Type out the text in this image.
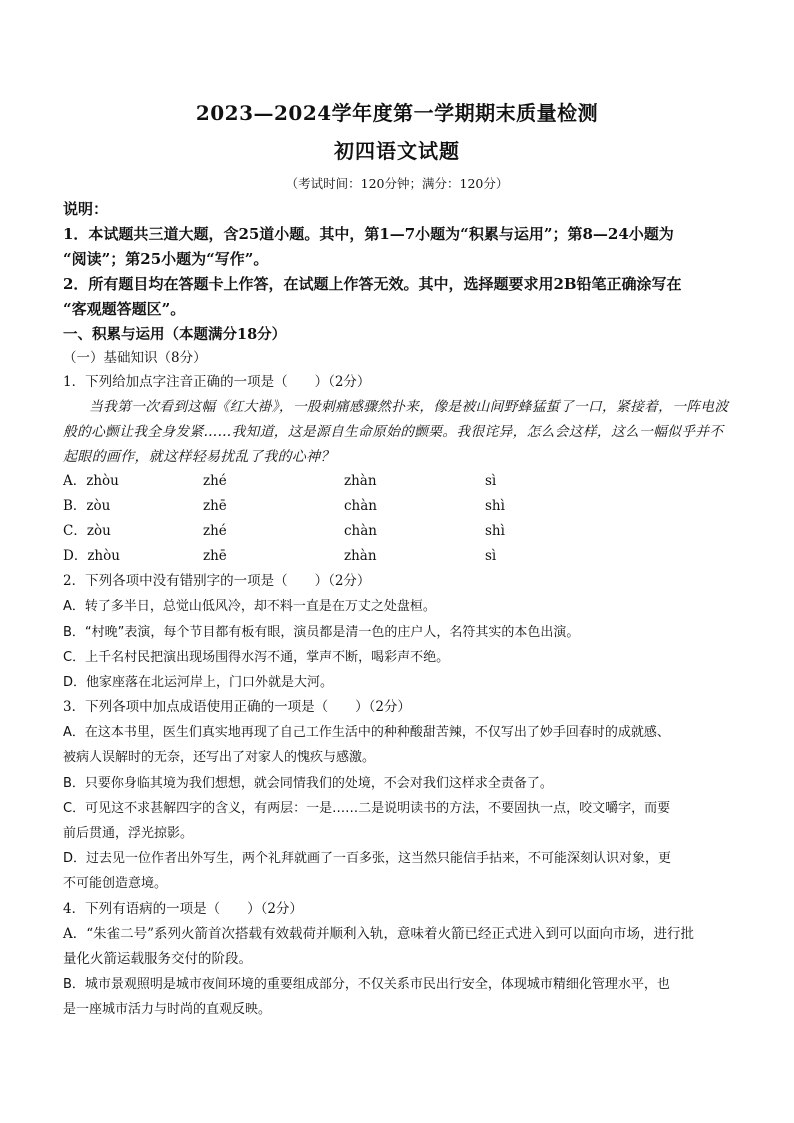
2023—2024学年度第一学期期末质量检测
初四语文试题
（考试时间：120分钟；满分：120分）
说明：
1．本试题共三道大题，含25道小题。其中，第1—7小题为“积累与运用”；第8—24小题为
“阅读”；第25小题为“写作”。
2．所有题目均在答题卡上作答，在试题上作答无效。其中，选择题要求用2B铅笔正确涂写在
“客观题答题区”。
一、积累与运用（本题满分18分）
（一）基础知识（8分）
1．下列给加点字注音正确的一项是（　　）（2分）

当我第一次看到这幅《红大褂》，一股刺痛感骤然扑来，像是被山间野蜂猛蜇了一口，紧接着，一阵电波

般的心颤让我全身发紧……我知道，这是源自生命原始的颤栗。我很诧异，怎么会这样，这么一幅似乎并不

起眼的画作，就这样轻易扰乱了我的心神？

A．zhòu	zhé	zhàn	sì
B．zòu	zhē	chàn	shì
C．zòu	zhé	chàn	shì
D．zhòu	zhē	zhàn	sì
2．下列各项中没有错别字的一项是（　　）（2分）
A．转了多半日，总觉山低风冷，却不料一直是在万丈之处盘桓。
B．“村晚”表演，每个节目都有板有眼，演员都是清一色的庄户人，名符其实的本色出演。
C．上千名村民把演出现场围得水泻不通，掌声不断，喝彩声不绝。
D．他家座落在北运河岸上，门口外就是大河。
3．下列各项中加点成语使用正确的一项是（　　）（2分）
A．在这本书里，医生们真实地再现了自己工作生活中的种种酸甜苦辣，不仅写出了妙手回春时的成就感、
被病人误解时的无奈，还写出了对家人的愧疚与感激。
B．只要你身临其境为我们想想，就会同情我们的处境，不会对我们这样求全责备了。
C．可见这不求甚解四字的含义，有两层：一是……二是说明读书的方法，不要固执一点，咬文嚼字，而要
前后贯通，浮光掠影。
D．过去见一位作者出外写生，两个礼拜就画了一百多张，这当然只能信手拈来，不可能深刻认识对象，更
不可能创造意境。
4．下列有语病的一项是（　　）（2分）
A．“朱雀二号”系列火箭首次搭载有效载荷并顺利入轨，意味着火箭已经正式进入到可以面向市场，进行批
量化火箭运载服务交付的阶段。
B．城市景观照明是城市夜间环境的重要组成部分，不仅关系市民出行安全，体现城市精细化管理水平，也
是一座城市活力与时尚的直观反映。
